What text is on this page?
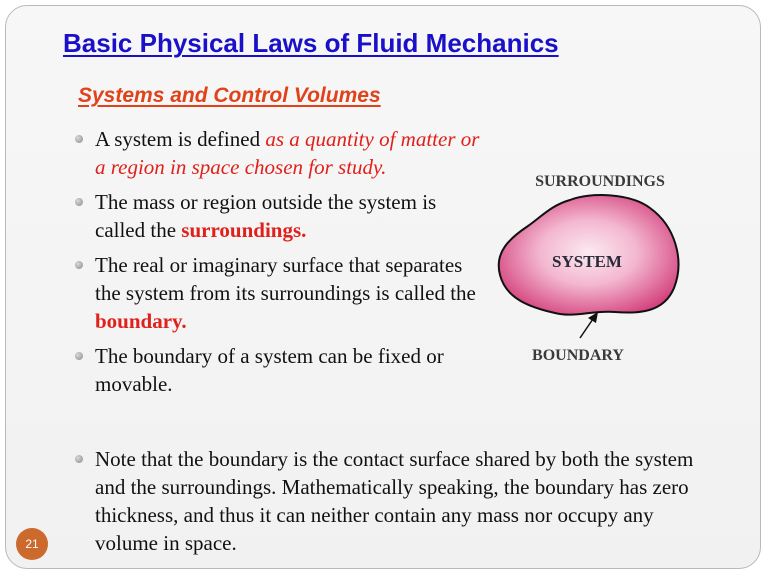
Basic Physical Laws of Fluid Mechanics
Systems and Control Volumes
A system is defined as a quantity of matter or a region in space chosen for study.
The mass or region outside the system is called the surroundings.
The real or imaginary surface that separates the system from its surroundings is called the boundary.
The boundary of a system can be fixed or movable.
Note that the boundary is the contact surface shared by both the system and the surroundings. Mathematically speaking, the boundary has zero thickness, and thus it can neither contain any mass nor occupy any volume in space.
SURROUNDINGS
SYSTEM
BOUNDARY
21
